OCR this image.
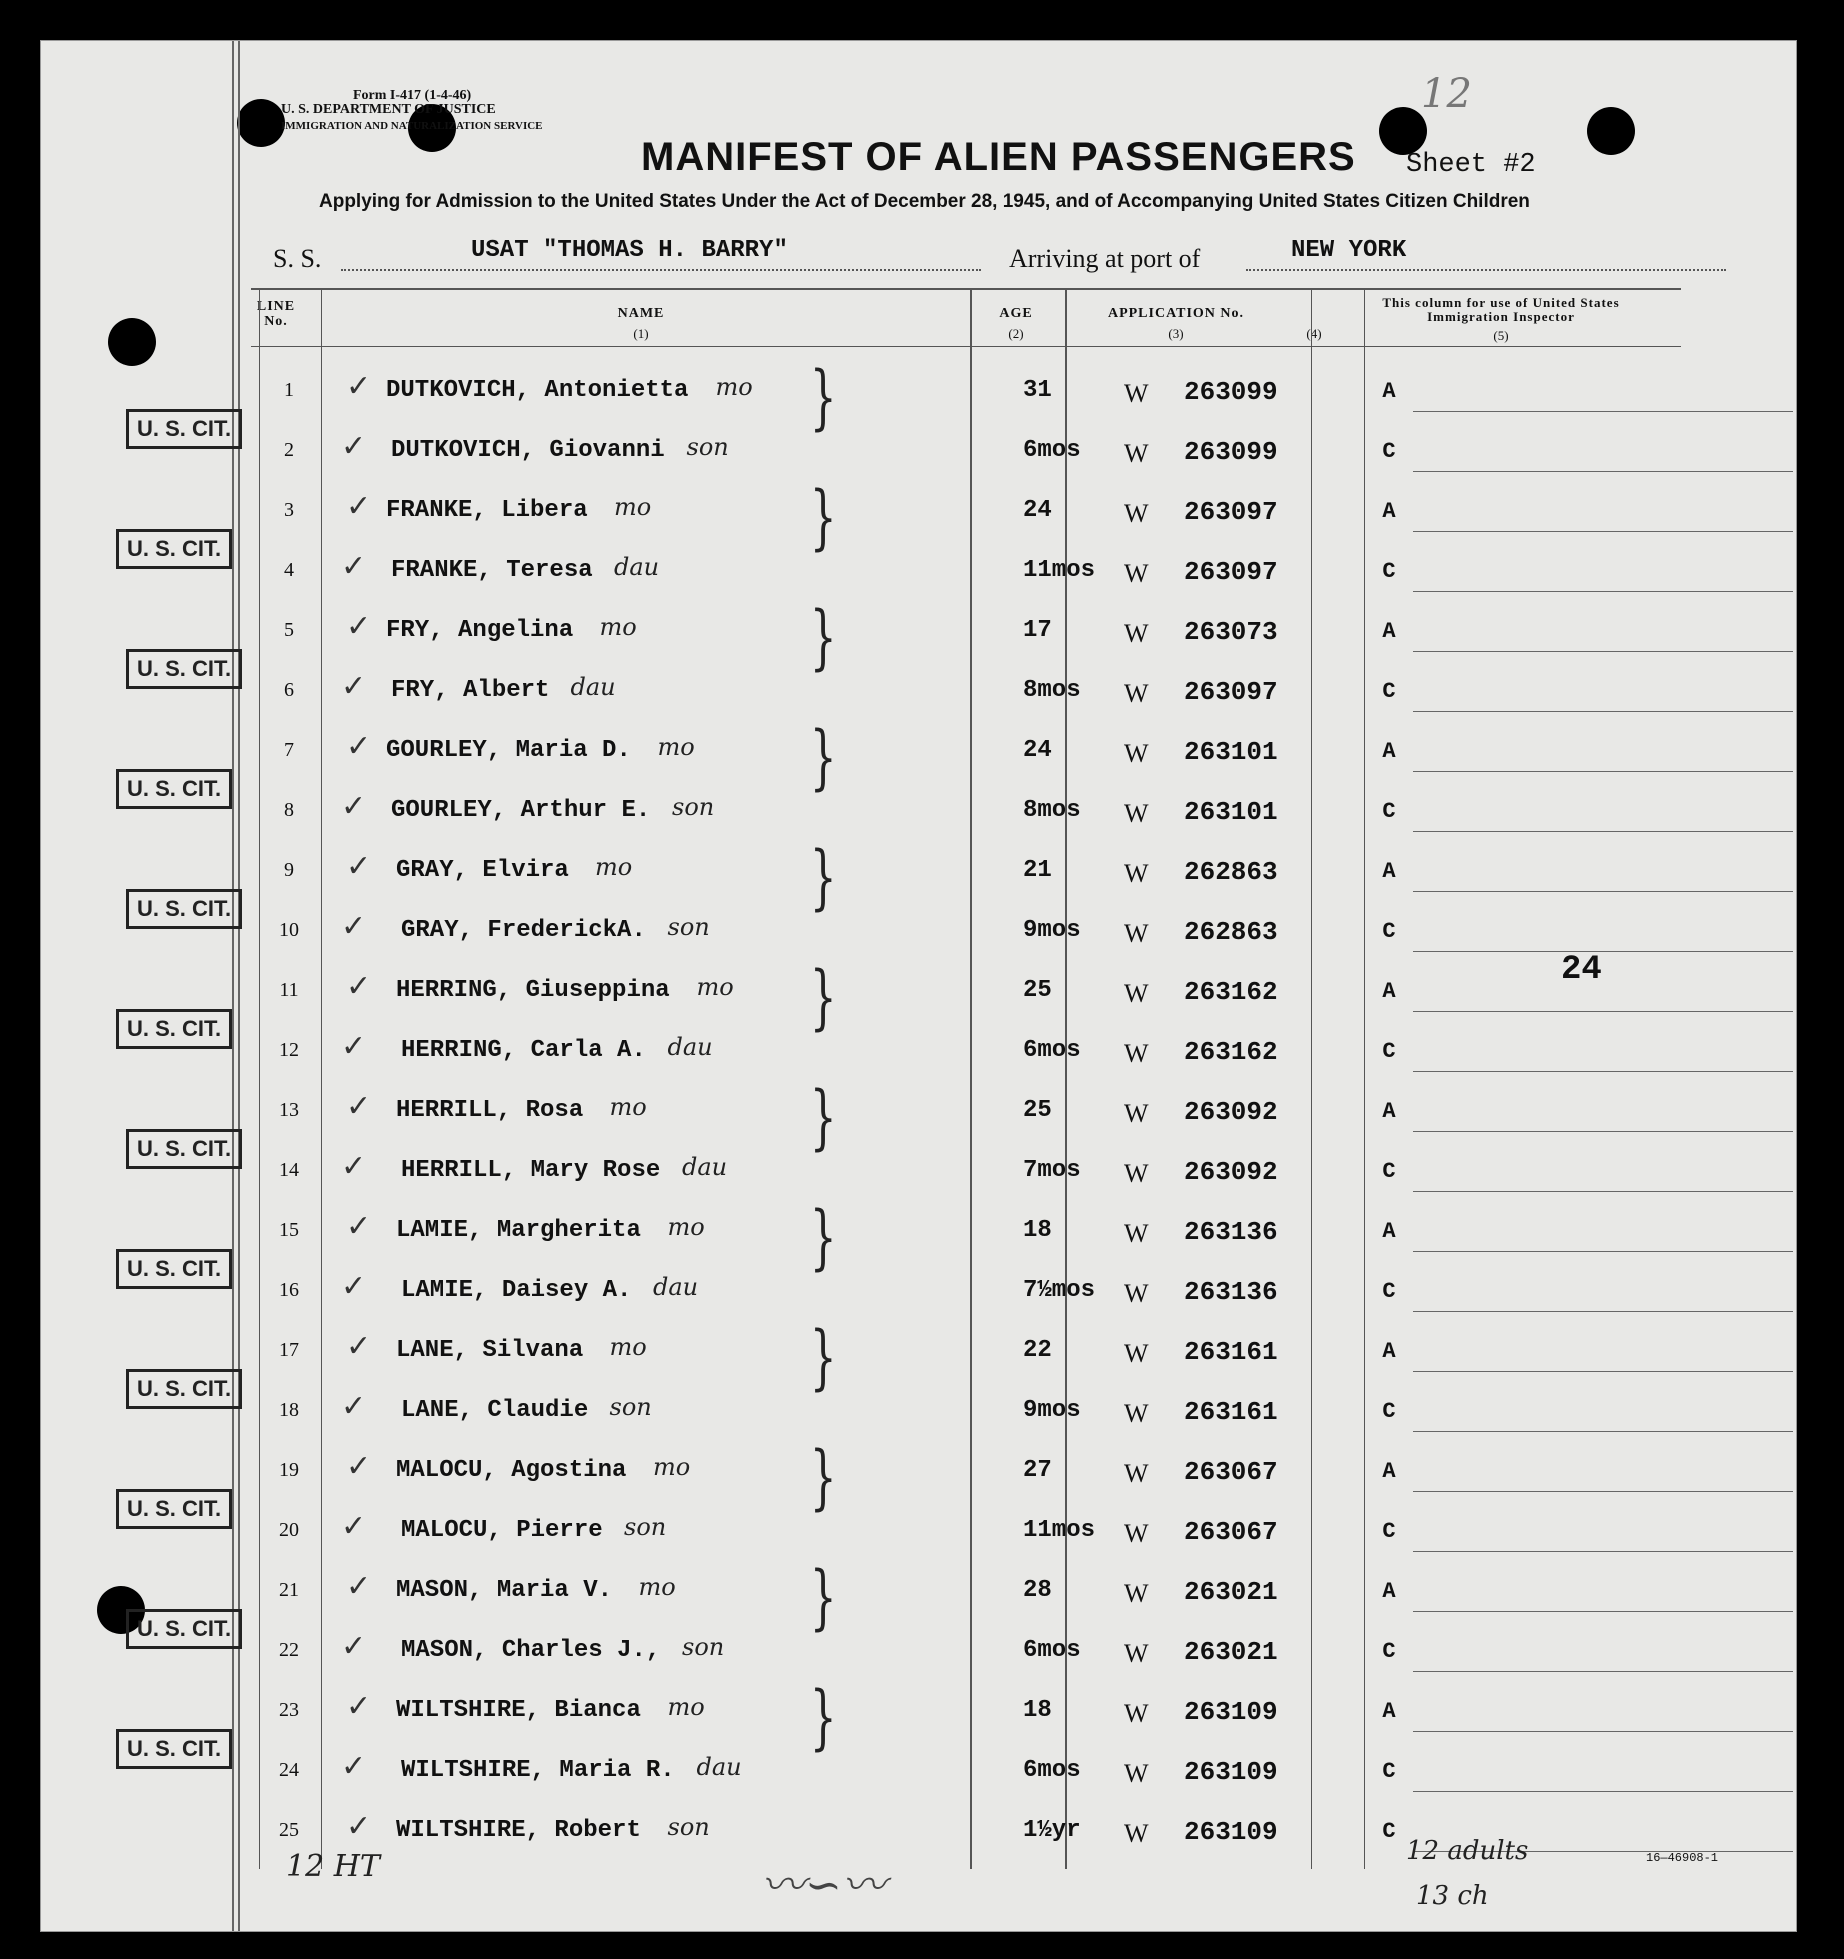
Form I-417 (1-4-46)
U. S. DEPARTMENT OF JUSTICE
IMMIGRATION AND NATURALIZATION SERVICE
12
MANIFEST OF ALIEN PASSENGERS Sheet #2
Applying for Admission to the United States Under the Act of December 28, 1945, and of Accompanying United States Citizen Children
S. S.	USAT "THOMAS H. BARRY"	Arriving at port of	NEW YORK
LINE No.
NAME
(1)
AGE
(2)
APPLICATION No.
(3)	(4)
This column for use of United States Immigration Inspector
(5)
1	DUTKOVICH, Antonietta mo	31	W 263099	A
✓
2	DUTKOVICH, Giovanni son	6mos W 263099	C
✓
U. S. CIT.	}
3	FRANKE, Libera mo	24	W 263097	A
✓
4	FRANKE, Teresa dau	11mos W 263097	C
✓
U. S. CIT.	}
5	FRY, Angelina mo	17	W 263073	A
✓
6	FRY, Albert dau	8mos W 263097	C
✓
U. S. CIT.	}
7	GOURLEY, Maria D. mo	24	W 263101	A
✓
8	GOURLEY, Arthur E. son	8mos W 263101	C
✓
U. S. CIT.	}
9	GRAY, Elvira mo	21	W 262863	A
✓
10	GRAY, FrederickA. son	9mos W 262863	C
✓
U. S. CIT.	}
11	HERRING, Giuseppina mo	25	W 263162	A
✓
12	HERRING, Carla A. dau	6mos W 263162	C
✓
U. S. CIT.	}
13	HERRILL, Rosa mo	25	W 263092	A
✓
14	HERRILL, Mary Rose dau	7mos W 263092	C
✓
U. S. CIT.	}
15	LAMIE, Margherita mo	18	W 263136	A
✓
16	LAMIE, Daisey A. dau	7½mos W 263136	C
✓
U. S. CIT.	}
17	LANE, Silvana mo	22	W 263161	A
✓
18	LANE, Claudie son	9mos W 263161	C
✓
U. S. CIT.	}
19	MALOCU, Agostina mo	27	W 263067	A
✓
20	MALOCU, Pierre son	11mos W 263067	C
✓
U. S. CIT.	}
21	MASON, Maria V. mo	28	W 263021	A
✓
22	MASON, Charles J., son	6mos W 263021	C
✓
U. S. CIT.	}
23	WILTSHIRE, Bianca mo	18	W 263109	A
✓
24	WILTSHIRE, Maria R. dau	6mos W 263109	C
✓
U. S. CIT.	}
25	WILTSHIRE, Robert son	1½yr W 263109	C
✓
24
12 HT	〰∽〰
12 adults
13 ch
16—46908-1
